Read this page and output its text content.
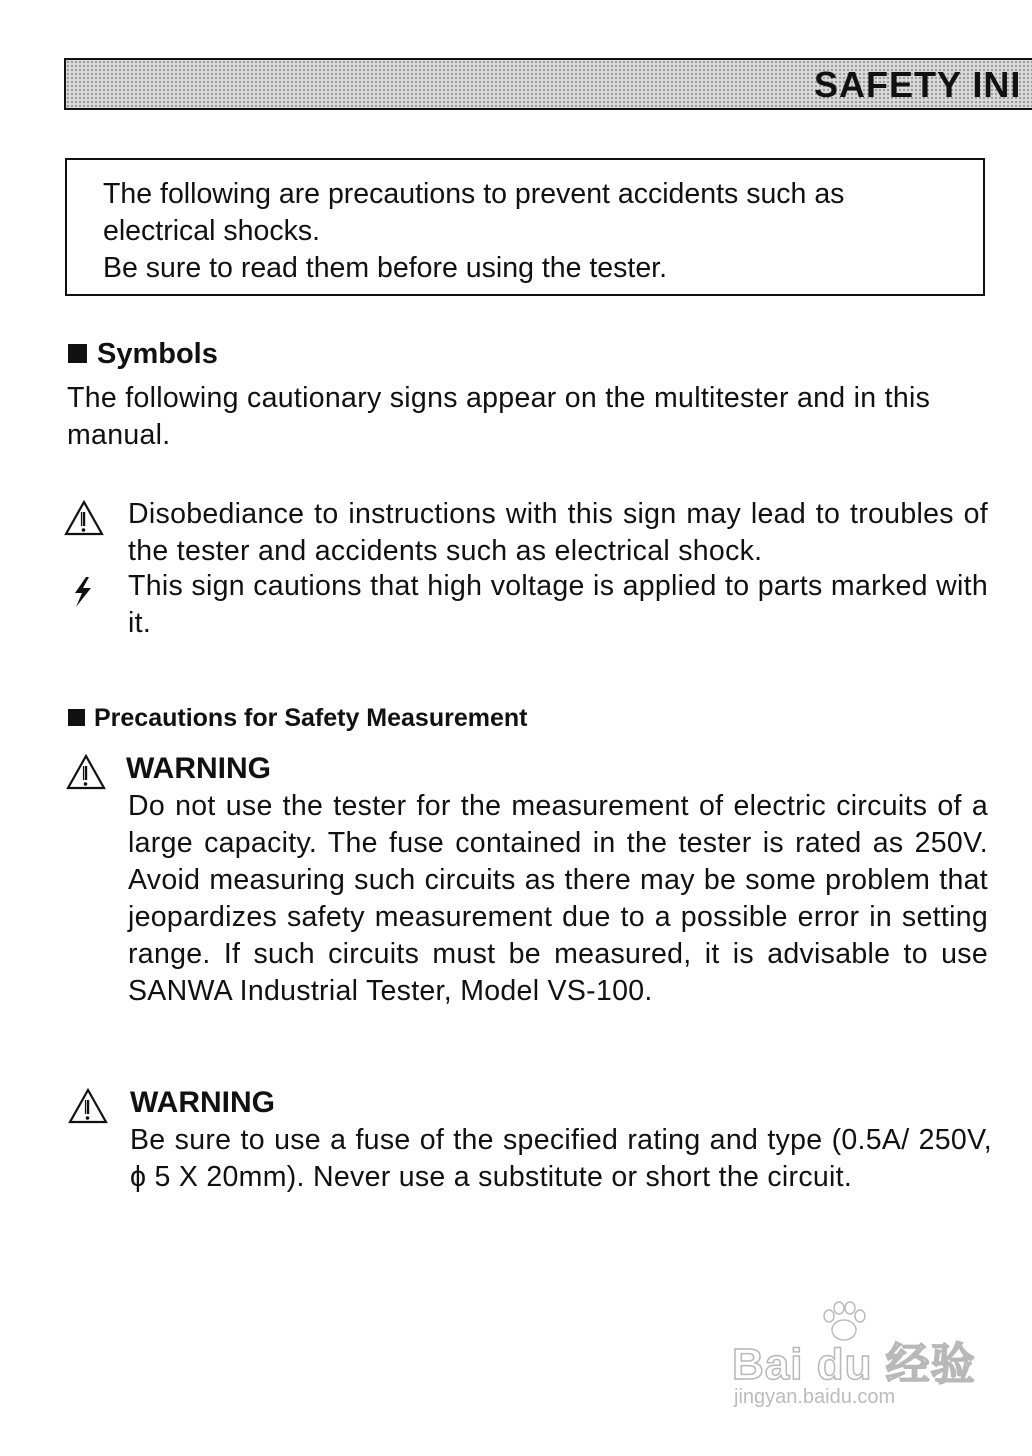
SAFETY INI

The following are precautions to prevent accidents such as electrical shocks.

Be sure to read them before using the tester.

Symbols

The following cautionary signs appear on the multitester and in this manual.

Disobediance to instructions with this sign may lead to troubles of the tester and accidents such as electrical shock.

This sign cautions that high voltage is applied to parts marked with it.

Precautions for Safety Measurement
WARNING

Do not use the tester for the measurement of electric circuits of a large capacity. The fuse contained in the tester is rated as 250V. Avoid measuring such circuits as there may be some problem that jeopardizes safety measurement due to a possible error in setting range. If such circuits must be measured, it is advisable to use SANWA Industrial Tester, Model VS-100.

WARNING

Be sure to use a fuse of the specified rating and type (0.5A/ 250V, ϕ 5 X 20mm). Never use a substitute or short the circuit.

Bai du 经验
jingyan.baidu.com
